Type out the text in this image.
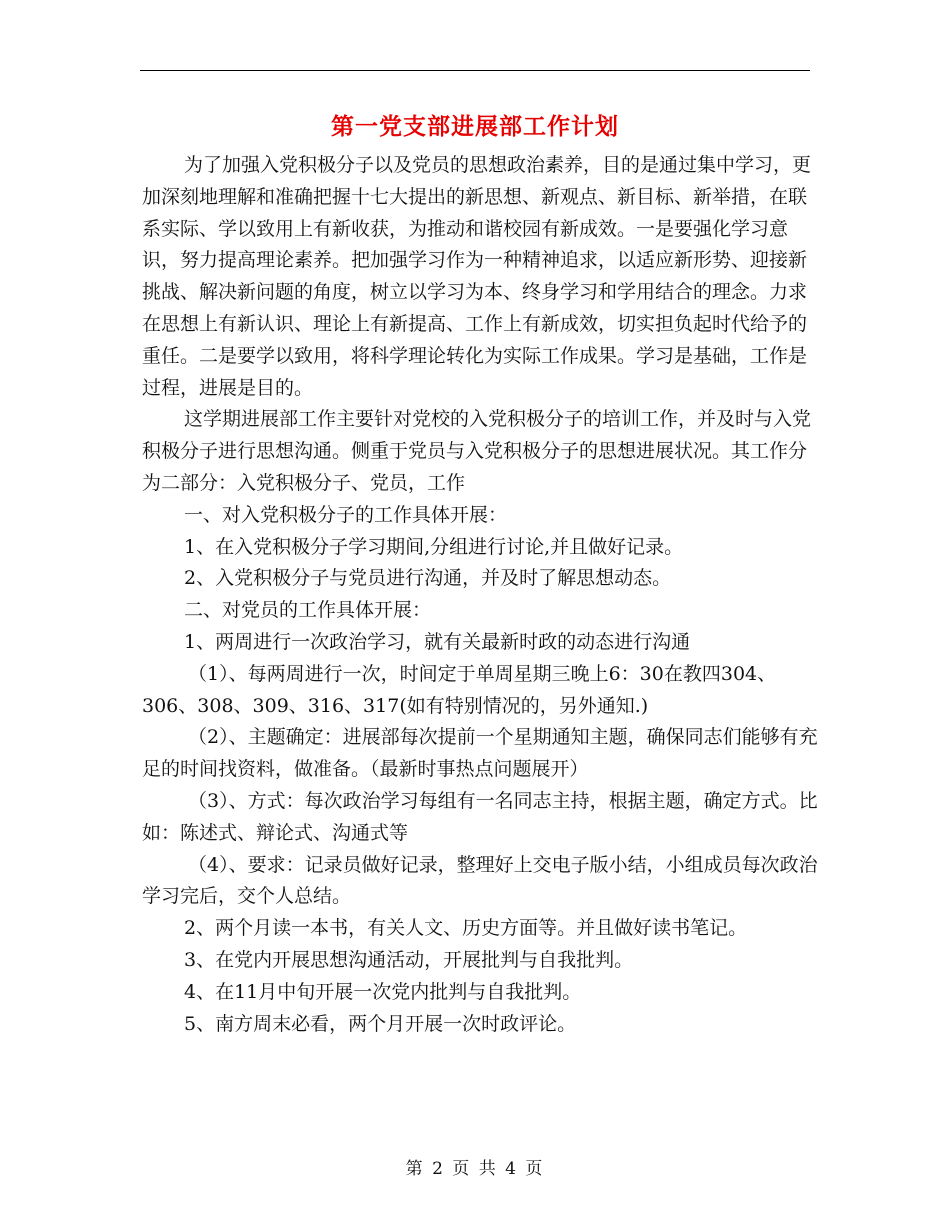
第一党支部进展部工作计划

为了加强入党积极分子以及党员的思想政治素养，目的是通过集中学习，更加深刻地理解和准确把握十七大提出的新思想、新观点、新目标、新举措，在联系实际、学以致用上有新收获，为推动和谐校园有新成效。一是要强化学习意识，努力提高理论素养。把加强学习作为一种精神追求，以适应新形势、迎接新挑战、解决新问题的角度，树立以学习为本、终身学习和学用结合的理念。力求在思想上有新认识、理论上有新提高、工作上有新成效，切实担负起时代给予的重任。二是要学以致用，将科学理论转化为实际工作成果。学习是基础，工作是过程，进展是目的。

这学期进展部工作主要针对党校的入党积极分子的培训工作，并及时与入党积极分子进行思想沟通。侧重于党员与入党积极分子的思想进展状况。其工作分为二部分：入党积极分子、党员，工作

一、对入党积极分子的工作具体开展：

1、在入党积极分子学习期间,分组进行讨论,并且做好记录。

2、入党积极分子与党员进行沟通，并及时了解思想动态。

二、对党员的工作具体开展：

1、两周进行一次政治学习，就有关最新时政的动态进行沟通

（1）、每两周进行一次，时间定于单周星期三晚上6：30在教四304、306、308、309、316、317(如有特别情况的，另外通知.)

（2）、主题确定：进展部每次提前一个星期通知主题，确保同志们能够有充足的时间找资料，做准备。（最新时事热点问题展开）

（3）、方式：每次政治学习每组有一名同志主持，根据主题，确定方式。比如：陈述式、辩论式、沟通式等

（4）、要求：记录员做好记录，整理好上交电子版小结，小组成员每次政治学习完后，交个人总结。

2、两个月读一本书，有关人文、历史方面等。并且做好读书笔记。

3、在党内开展思想沟通活动，开展批判与自我批判。

4、在11月中旬开展一次党内批判与自我批判。

5、南方周末必看，两个月开展一次时政评论。

第 2 页 共 4 页
